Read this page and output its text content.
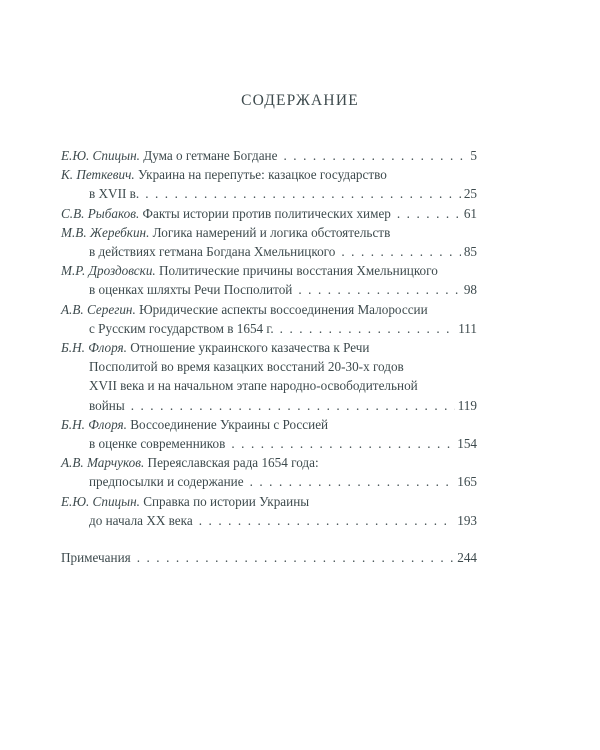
СОДЕРЖАНИЕ
Е.Ю. Спицын.
Дума о гетмане Богдане . . .	5
К. Петкевич.
Украина на перепутье: казацкое государство
в XVII в. . . .	25
С.В. Рыбаков.
Факты истории против политических химер . . .	61
М.В. Жеребкин.
Логика намерений и логика обстоятельств
в действиях гетмана Богдана Хмельницкого . . .	85
М.Р. Дроздовски.
Политические причины восстания Хмельницкого
в оценках шляхты Речи Посполитой . . .	98
А.В. Серегин.
Юридические аспекты воссоединения Малороссии
с Русским государством в 1654 г. . . .	111
Б.Н. Флоря.
Отношение украинского казачества к Речи
Посполитой во время казацких восстаний 20-30-х годов
XVII века и на начальном этапе народно-освободительной
войны . . .	119
Б.Н. Флоря.
Воссоединение Украины с Россией
в оценке современников . . .	154
А.В. Марчуков.
Переяславская рада 1654 года:
предпосылки и содержание . . .	165
Е.Ю. Спицын.
Справка по истории Украины
до начала XX века . . .	193
Примечания . . .	244
